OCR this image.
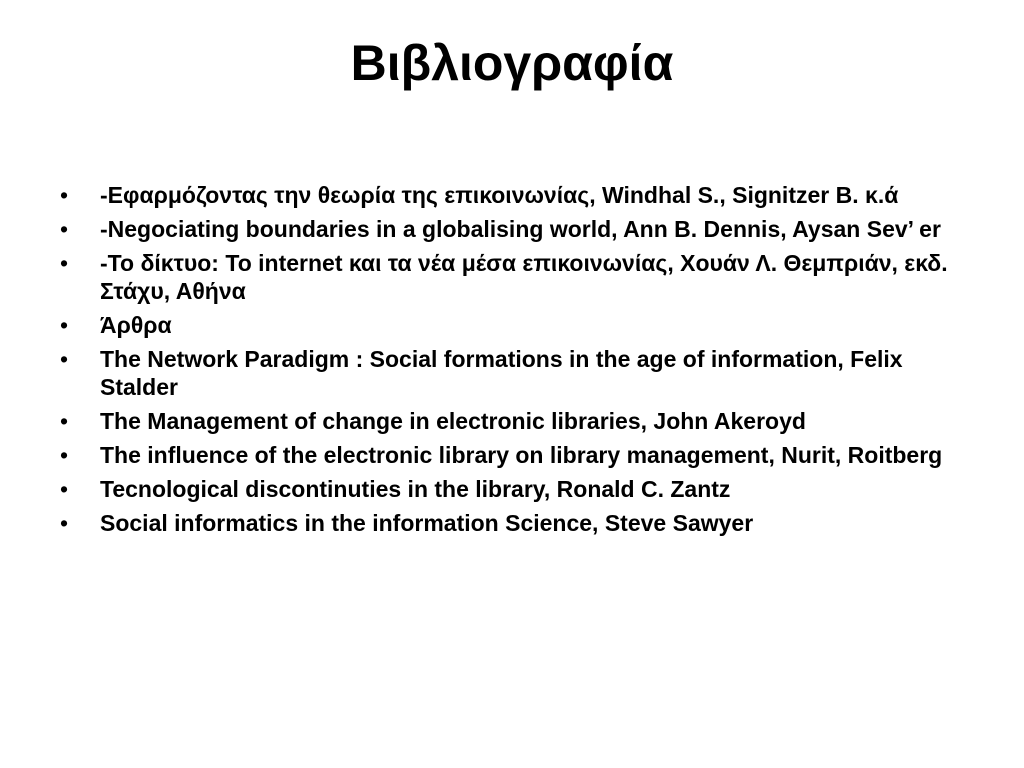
Βιβλιογραφία
• -Εφαρμόζοντας την θεωρία της επικοινωνίας, Windhal S., Signitzer B. κ.ά
• -Negociating boundaries in a globalising world, Ann B. Dennis, Aysan Sev’ er
• -Το δίκτυο: To internet και τα νέα μέσα επικοινωνίας, Χουάν Λ. Θεμπριάν, εκδ. Στάχυ, Αθήνα
• Άρθρα
• The Network Paradigm : Social formations in the age of information, Felix Stalder
• The Management of change in electronic libraries, John Akeroyd
• The influence of the electronic library on library management, Nurit, Roitberg
• Tecnological discontinuties in the library, Ronald C. Zantz
• Social informatics in the information Science, Steve Sawyer
